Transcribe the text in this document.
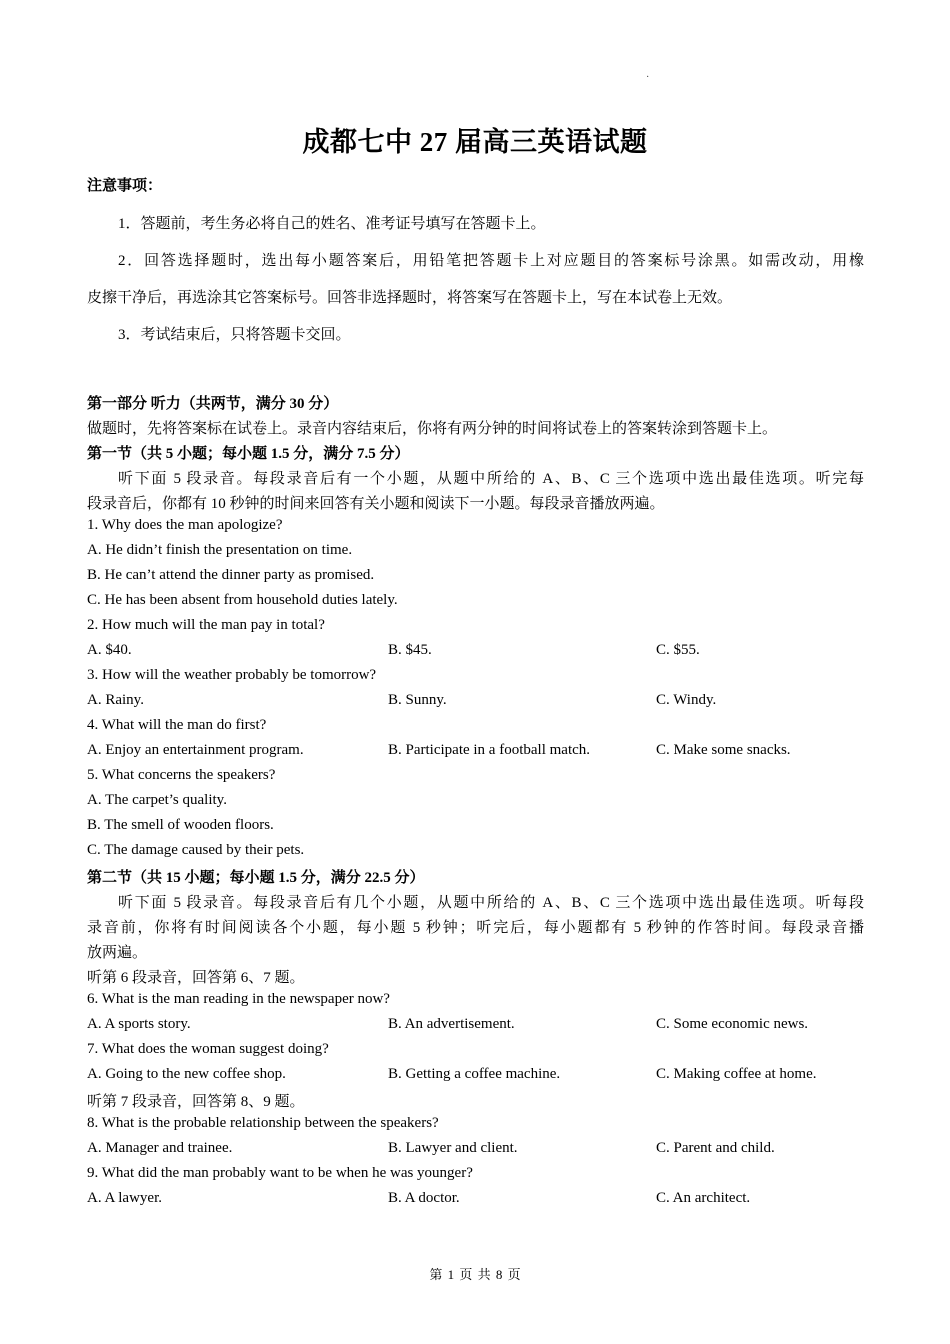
·
成都七中 27 届高三英语试题
注意事项：
1．答题前，考生务必将自己的姓名、准考证号填写在答题卡上。
2．回答选择题时，选出每小题答案后，用铅笔把答题卡上对应题目的答案标号涂黑。如需改动，用橡
皮擦干净后，再选涂其它答案标号。回答非选择题时，将答案写在答题卡上，写在本试卷上无效。
3．考试结束后，只将答题卡交回。
第一部分 听力（共两节，满分 30 分）
做题时，先将答案标在试卷上。录音内容结束后，你将有两分钟的时间将试卷上的答案转涂到答题卡上。
第一节（共 5 小题；每小题 1.5 分，满分 7.5 分）
听下面 5 段录音。每段录音后有一个小题，从题中所给的 A、B、C 三个选项中选出最佳选项。听完每
段录音后，你都有 10 秒钟的时间来回答有关小题和阅读下一小题。每段录音播放两遍。
1. Why does the man apologize?
A. He didn’t finish the presentation on time.
B. He can’t attend the dinner party as promised.
C. He has been absent from household duties lately.
2. How much will the man pay in total?
A. $40.	B. $45.	C. $55.
3. How will the weather probably be tomorrow?
A. Rainy.	B. Sunny.	C. Windy.
4. What will the man do first?
A. Enjoy an entertainment program.	B. Participate in a football match.	C. Make some snacks.
5. What concerns the speakers?
A. The carpet’s quality.
B. The smell of wooden floors.
C. The damage caused by their pets.
第二节（共 15 小题；每小题 1.5 分，满分 22.5 分）
听下面 5 段录音。每段录音后有几个小题，从题中所给的 A、B、C 三个选项中选出最佳选项。听每段
录音前，你将有时间阅读各个小题，每小题 5 秒钟；听完后，每小题都有 5 秒钟的作答时间。每段录音播
放两遍。
听第 6 段录音，回答第 6、7 题。
6. What is the man reading in the newspaper now?
A. A sports story.	B. An advertisement.	C. Some economic news.
7. What does the woman suggest doing?
A. Going to the new coffee shop.	B. Getting a coffee machine.	C. Making coffee at home.
听第 7 段录音，回答第 8、9 题。
8. What is the probable relationship between the speakers?
A. Manager and trainee.	B. Lawyer and client.	C. Parent and child.
9. What did the man probably want to be when he was younger?
A. A lawyer.	B. A doctor.	C. An architect.
第 1 页 共 8 页
